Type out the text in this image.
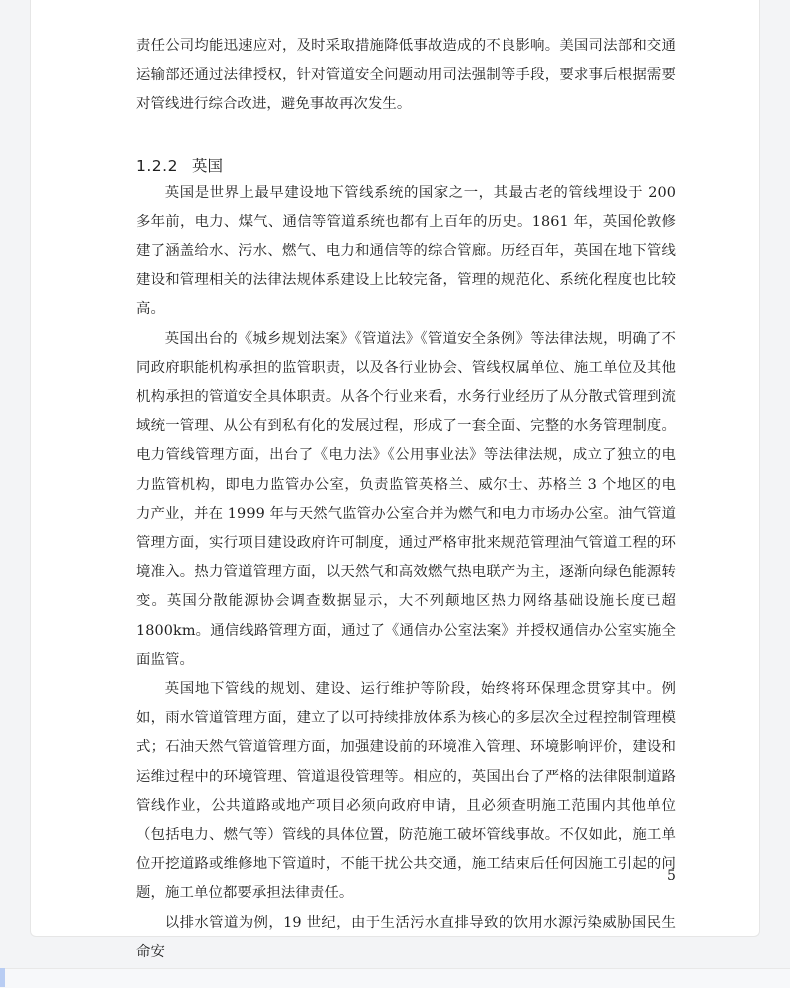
责任公司均能迅速应对，及时采取措施降低事故造成的不良影响。美国司法部和交通运输部还通过法律授权，针对管道安全问题动用司法强制等手段，要求事后根据需要对管线进行综合改进，避免事故再次发生。

1.2.2 英国

英国是世界上最早建设地下管线系统的国家之一，其最古老的管线埋设于 200 多年前，电力、煤气、通信等管道系统也都有上百年的历史。1861 年，英国伦敦修建了涵盖给水、污水、燃气、电力和通信等的综合管廊。历经百年，英国在地下管线建设和管理相关的法律法规体系建设上比较完备，管理的规范化、系统化程度也比较高。

英国出台的《城乡规划法案》《管道法》《管道安全条例》等法律法规，明确了不同政府职能机构承担的监管职责，以及各行业协会、管线权属单位、施工单位及其他机构承担的管道安全具体职责。从各个行业来看，水务行业经历了从分散式管理到流域统一管理、从公有到私有化的发展过程，形成了一套全面、完整的水务管理制度。电力管线管理方面，出台了《电力法》《公用事业法》等法律法规，成立了独立的电力监管机构，即电力监管办公室，负责监管英格兰、威尔士、苏格兰 3 个地区的电力产业，并在 1999 年与天然气监管办公室合并为燃气和电力市场办公室。油气管道管理方面，实行项目建设政府许可制度，通过严格审批来规范管理油气管道工程的环境准入。热力管道管理方面，以天然气和高效燃气热电联产为主，逐渐向绿色能源转变。英国分散能源协会调查数据显示，大不列颠地区热力网络基础设施长度已超 1800km。通信线路管理方面，通过了《通信办公室法案》并授权通信办公室实施全面监管。

英国地下管线的规划、建设、运行维护等阶段，始终将环保理念贯穿其中。例如，雨水管道管理方面，建立了以可持续排放体系为核心的多层次全过程控制管理模式；石油天然气管道管理方面，加强建设前的环境准入管理、环境影响评价，建设和运维过程中的环境管理、管道退役管理等。相应的，英国出台了严格的法律限制道路管线作业，公共道路或地产项目必须向政府申请，且必须查明施工范围内其他单位（包括电力、燃气等）管线的具体位置，防范施工破坏管线事故。不仅如此，施工单位开挖道路或维修地下管道时，不能干扰公共交通，施工结束后任何因施工引起的问题，施工单位都要承担法律责任。

以排水管道为例，19 世纪，由于生活污水直排导致的饮用水源污染威胁国民生命安

5
